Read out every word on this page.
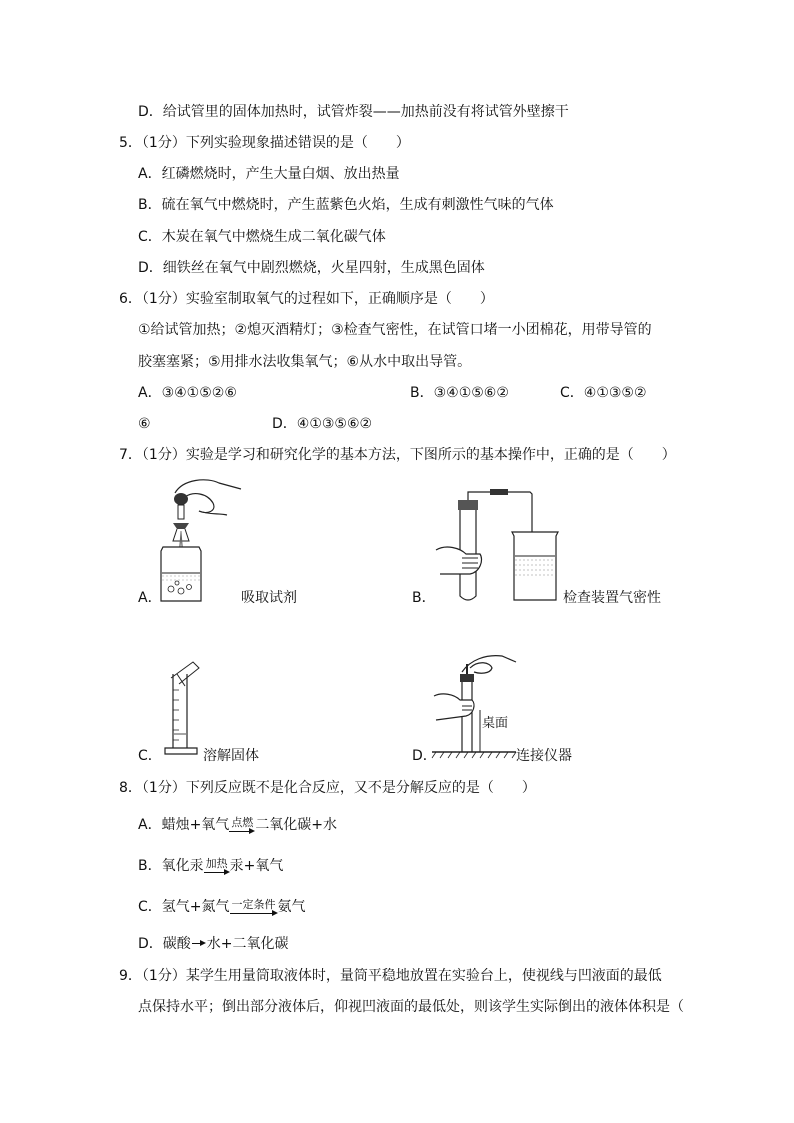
D．给试管里的固体加热时，试管炸裂——加热前没有将试管外壁擦干
5．（1分）下列实验现象描述错误的是（　　）
A．红磷燃烧时，产生大量白烟、放出热量
B．硫在氧气中燃烧时，产生蓝紫色火焰，生成有刺激性气味的气体
C．木炭在氧气中燃烧生成二氧化碳气体
D．细铁丝在氧气中剧烈燃烧，火星四射，生成黑色固体
6．（1分）实验室制取氧气的过程如下，正确顺序是（　　）
①给试管加热；②熄灭酒精灯；③检查气密性，在试管口堵一小团棉花，用带导管的
胶塞塞紧；⑤用排水法收集氧气；⑥从水中取出导管。
A．③④①⑤②⑥	B．③④①⑤⑥②	C．④①③⑤②
⑥	D．④①③⑤⑥②
7．（1分）实验是学习和研究化学的基本方法，下图所示的基本操作中，正确的是（　　）
A．	吸取试剂	B．	检查装置气密性
C．	溶解固体
桌面
D．	连接仪器
8．（1分）下列反应既不是化合反应，又不是分解反应的是（　　）
A．蜡烛+氧气 点燃 二氧化碳+水
B．氧化汞 加热 汞+氧气
C．氢气+氮气 一定条件 氨气
D．碳酸 水+二氧化碳
9．（1分）某学生用量筒取液体时，量筒平稳地放置在实验台上，使视线与凹液面的最低
点保持水平；倒出部分液体后，仰视凹液面的最低处，则该学生实际倒出的液体体积是（
